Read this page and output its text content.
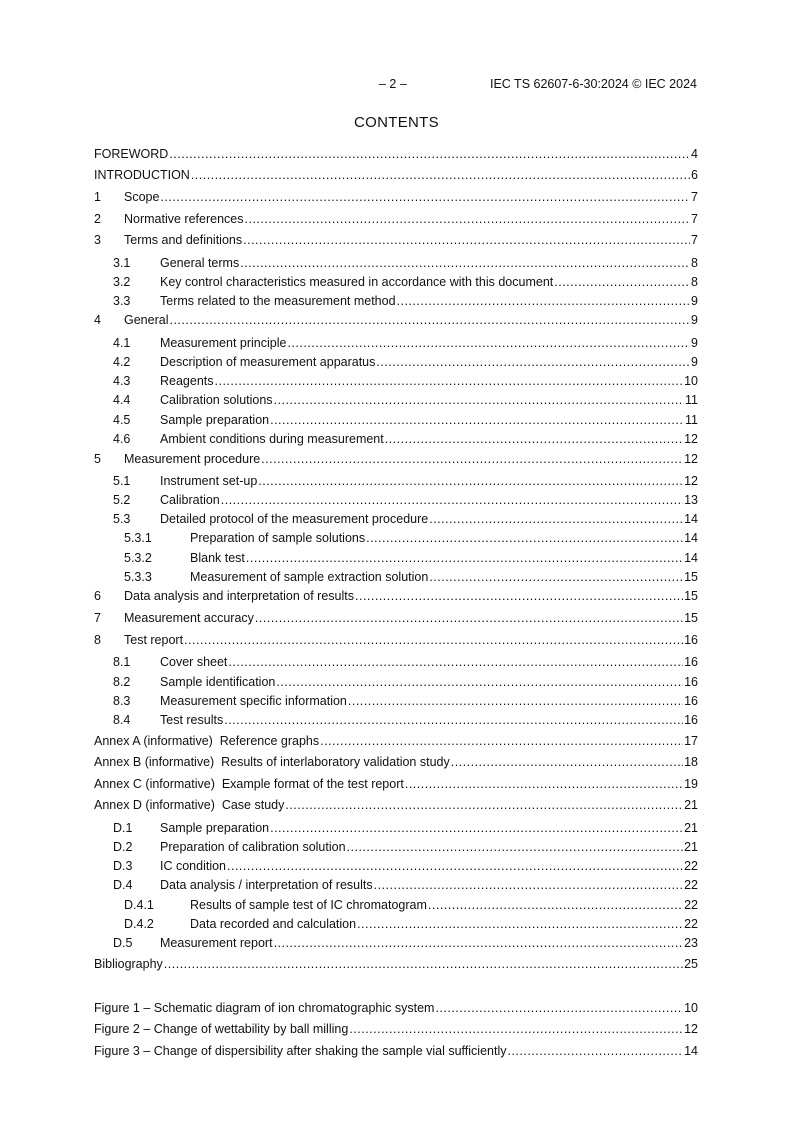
– 2 –	IEC TS 62607-6-30:2024 © IEC 2024
CONTENTS
FOREWORD .....	4
INTRODUCTION .....	6
1	Scope .....	7
2	Normative references .....	7
3	Terms and definitions .....	7
3.1	General terms .....	8
3.2	Key control characteristics measured in accordance with this document .....	8
3.3	Terms related to the measurement method .....	9
4	General .....	9
4.1	Measurement principle .....	9
4.2	Description of measurement apparatus .....	9
4.3	Reagents .....	10
4.4	Calibration solutions .....	11
4.5	Sample preparation .....	11
4.6	Ambient conditions during measurement .....	12
5	Measurement procedure .....	12
5.1	Instrument set-up .....	12
5.2	Calibration .....	13
5.3	Detailed protocol of the measurement procedure .....	14
5.3.1	Preparation of sample solutions .....	14
5.3.2	Blank test .....	14
5.3.3	Measurement of sample extraction solution .....	15
6	Data analysis and interpretation of results .....	15
7	Measurement accuracy .....	15
8	Test report .....	16
8.1	Cover sheet .....	16
8.2	Sample identification .....	16
8.3	Measurement specific information .....	16
8.4	Test results .....	16
Annex A (informative)  Reference graphs .....	17
Annex B (informative)  Results of interlaboratory validation study .....	18
Annex C (informative)  Example format of the test report .....	19
Annex D (informative)  Case study .....	21
D.1	Sample preparation .....	21
D.2	Preparation of calibration solution .....	21
D.3	IC condition .....	22
D.4	Data analysis / interpretation of results .....	22
D.4.1	Results of sample test of IC chromatogram .....	22
D.4.2	Data recorded and calculation .....	22
D.5	Measurement report .....	23
Bibliography .....	25
Figure 1 – Schematic diagram of ion chromatographic system .....	10
Figure 2 – Change of wettability by ball milling .....	12
Figure 3 – Change of dispersibility after shaking the sample vial sufficiently .....	14
